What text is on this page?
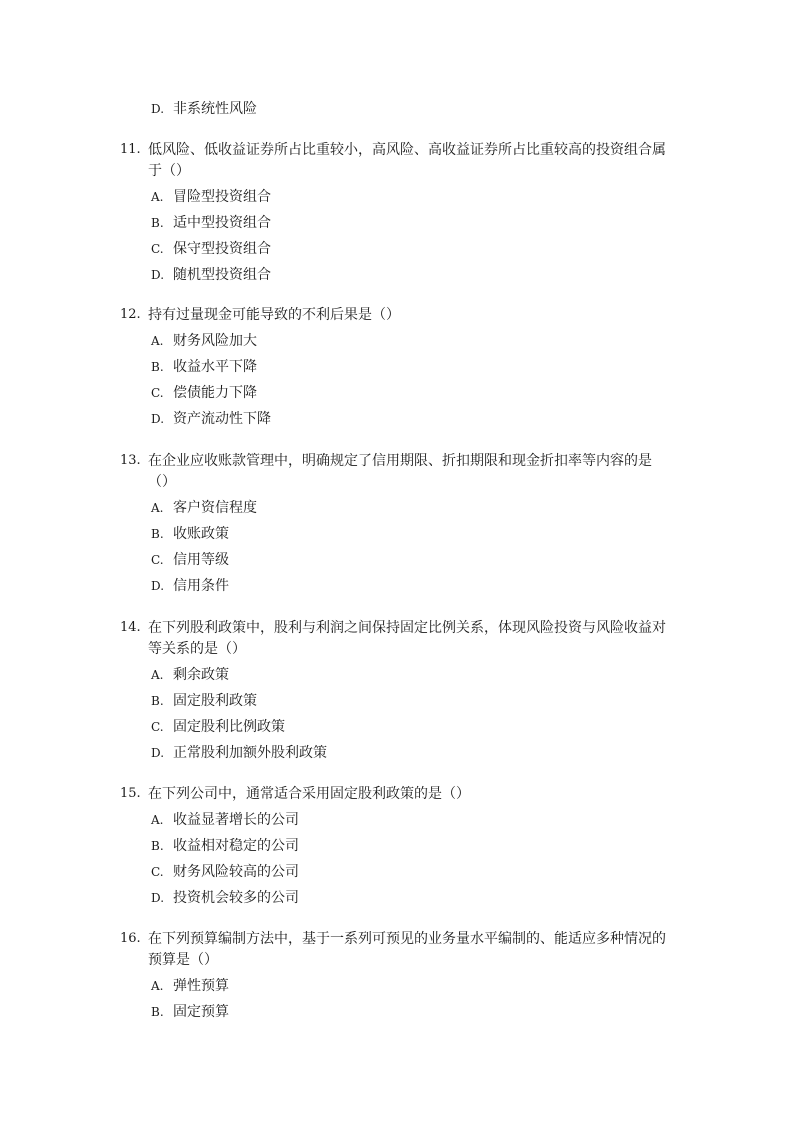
D. 非系统性风险
11. 低风险、低收益证券所占比重较小，高风险、高收益证券所占比重较高的投资组合属
于（）
A. 冒险型投资组合
B. 适中型投资组合
C. 保守型投资组合
D. 随机型投资组合
12. 持有过量现金可能导致的不利后果是（）
A. 财务风险加大
B. 收益水平下降
C. 偿债能力下降
D. 资产流动性下降
13. 在企业应收账款管理中，明确规定了信用期限、折扣期限和现金折扣率等内容的是
（）
A. 客户资信程度
B. 收账政策
C. 信用等级
D. 信用条件
14. 在下列股利政策中，股利与利润之间保持固定比例关系，体现风险投资与风险收益对
等关系的是（）
A. 剩余政策
B. 固定股利政策
C. 固定股利比例政策
D. 正常股利加额外股利政策
15. 在下列公司中，通常适合采用固定股利政策的是（）
A. 收益显著增长的公司
B. 收益相对稳定的公司
C. 财务风险较高的公司
D. 投资机会较多的公司
16. 在下列预算编制方法中，基于一系列可预见的业务量水平编制的、能适应多种情况的
预算是（）
A. 弹性预算
B. 固定预算
